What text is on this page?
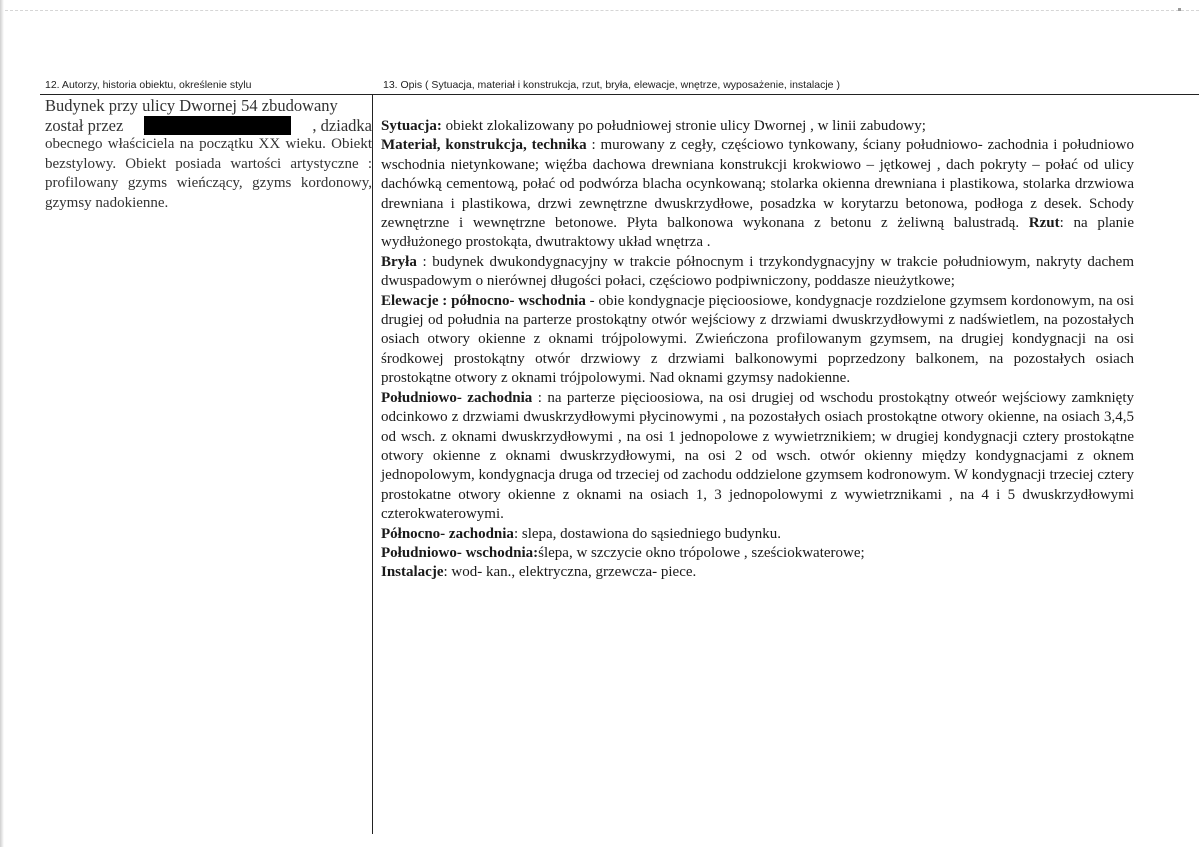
12. Autorzy, historia obiektu, określenie stylu	13. Opis ( Sytuacja, materiał i konstrukcja, rzut, bryła, elewacje, wnętrze, wyposażenie, instalacje )
Budynek przy ulicy Dwornej 54 zbudowany
został przez	, dziadka
obecnego właściciela na początku XX wieku. Obiekt bezstylowy. Obiekt posiada wartości artystyczne : profilowany gzyms wieńczący, gzyms kordonowy, gzymsy nadokienne.
Sytuacja: obiekt zlokalizowany po południowej stronie ulicy Dwornej , w linii zabudowy;
Materiał, konstrukcja, technika : murowany z cegły, częściowo tynkowany, ściany południowo- zachodnia i południowo wschodnia nietynkowane; więźba dachowa drewniana konstrukcji krokwiowo – jętkowej , dach pokryty – połać od ulicy dachówką cementową, połać od podwórza blacha ocynkowaną; stolarka okienna drewniana i plastikowa, stolarka drzwiowa drewniana i plastikowa, drzwi zewnętrzne dwuskrzydłowe, posadzka w korytarzu betonowa, podłoga z desek. Schody zewnętrzne i wewnętrzne betonowe. Płyta balkonowa wykonana z betonu z żeliwną balustradą. Rzut: na planie wydłużonego prostokąta, dwutraktowy układ wnętrza .
Bryła : budynek dwukondygnacyjny w trakcie północnym i trzykondygnacyjny w trakcie południowym, nakryty dachem dwuspadowym o nierównej długości połaci, częściowo podpiwniczony, poddasze nieużytkowe;
Elewacje : północno- wschodnia - obie kondygnacje pięcioosiowe, kondygnacje rozdzielone gzymsem kordonowym, na osi drugiej od południa na parterze prostokątny otwór wejściowy z drzwiami dwuskrzydłowymi z nadświetlem, na pozostałych osiach otwory okienne z oknami trójpolowymi. Zwieńczona profilowanym gzymsem, na drugiej kondygnacji na osi środkowej prostokątny otwór drzwiowy z drzwiami balkonowymi poprzedzony balkonem, na pozostałych osiach prostokątne otwory z oknami trójpolowymi. Nad oknami gzymsy nadokienne.
Południowo- zachodnia : na parterze pięcioosiowa, na osi drugiej od wschodu prostokątny otweór wejściowy zamknięty odcinkowo z drzwiami dwuskrzydłowymi płycinowymi , na pozostałych osiach prostokątne otwory okienne, na osiach 3,4,5 od wsch. z oknami dwuskrzydłowymi , na osi 1 jednopolowe z wywietrznikiem; w drugiej kondygnacji cztery prostokątne otwory okienne z oknami dwuskrzydłowymi, na osi 2 od wsch. otwór okienny między kondygnacjami z oknem jednopolowym, kondygnacja druga od trzeciej od zachodu oddzielone gzymsem kodronowym. W kondygnacji trzeciej cztery prostokatne otwory okienne z oknami na osiach 1, 3 jednopolowymi z wywietrznikami , na 4 i 5 dwuskrzydłowymi czterokwaterowymi.
Północno- zachodnia: slepa, dostawiona do sąsiedniego budynku.
Południowo- wschodnia:ślepa, w szczycie okno trópolowe , sześciokwaterowe;
Instalacje: wod- kan., elektryczna, grzewcza- piece.
